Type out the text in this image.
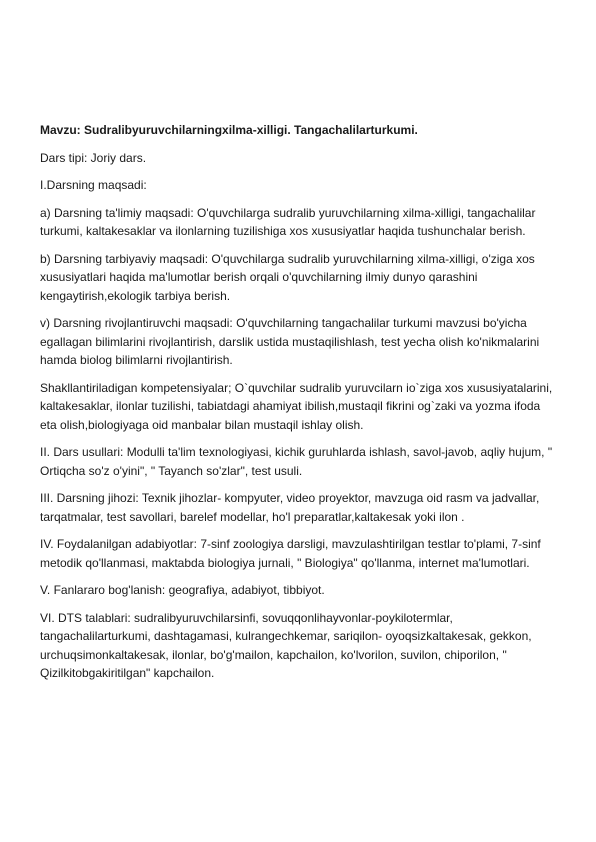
Mavzu: Sudralibyuruvchilarningxilma-xilligi. Tangachalilarturkumi.

Dars tipi: Joriy dars.

I.Darsning maqsadi:

a) Darsning ta'limiy maqsadi: O'quvchilarga sudralib yuruvchilarning xilma-xilligi, tangachalilar turkumi, kaltakesaklar va ilonlarning tuzilishiga xos xususiyatlar haqida tushunchalar berish.

b) Darsning tarbiyaviy maqsadi: O'quvchilarga sudralib yuruvchilarning xilma-xilligi, o'ziga xos xususiyatlari haqida ma'lumotlar berish orqali o'quvchilarning ilmiy dunyo qarashini kengaytirish,ekologik tarbiya berish.

v) Darsning rivojlantiruvchi maqsadi: O'quvchilarning tangachalilar turkumi mavzusi bo'yicha egallagan bilimlarini rivojlantirish, darslik ustida mustaqilishlash, test yecha olish ko'nikmalarini hamda biolog bilimlarni rivojlantirish.

Shakllantiriladigan kompetensiyalar; O`quvchilar sudralib yuruvcilarn io`ziga xos xususiyatalarini, kaltakesaklar, ilonlar tuzilishi, tabiatdagi ahamiyat ibilish,mustaqil fikrini og`zaki va yozma ifoda eta olish,biologiyaga oid manbalar bilan mustaqil ishlay olish.

II. Dars usullari: Modulli ta'lim texnologiyasi, kichik guruhlarda ishlash, savol-javob, aqliy hujum, " Ortiqcha so'z o'yini", " Tayanch so'zlar", test usuli.

III. Darsning jihozi: Texnik jihozlar- kompyuter, video proyektor, mavzuga oid rasm va jadvallar, tarqatmalar, test savollari, barelef modellar, ho'l preparatlar,kaltakesak yoki ilon .

IV. Foydalanilgan adabiyotlar: 7-sinf zoologiya darsligi, mavzulashtirilgan testlar to'plami, 7-sinf metodik qo'llanmasi, maktabda biologiya jurnali, " Biologiya" qo'llanma, internet ma'lumotlari.

V. Fanlararo bog'lanish: geografiya, adabiyot, tibbiyot.

VI. DTS talablari: sudralibyuruvchilarsinfi, sovuqqonlihayvonlar-poykilotermlar, tangachalilarturkumi, dashtagamasi, kulrangechkemar, sariqilon- oyoqsizkaltakesak, gekkon, urchuqsimonkaltakesak, ilonlar, bo'g'mailon, kapchailon, ko'lvorilon, suvilon, chiporilon, " Qizilkitobgakiritilgan" kapchailon.
